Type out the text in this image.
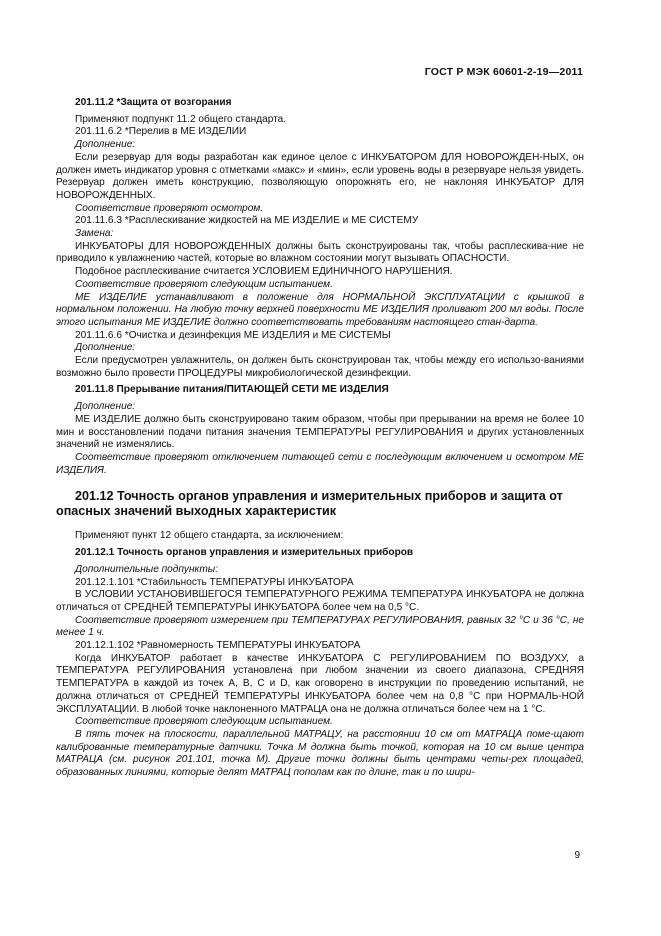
ГОСТ Р МЭК 60601-2-19—2011

201.11.2 *Защита от возгорания

Применяют подпункт 11.2 общего стандарта.

201.11.6.2 *Перелив в МЕ ИЗДЕЛИИ

Дополнение:

Если резервуар для воды разработан как единое целое с ИНКУБАТОРОМ ДЛЯ НОВОРОЖДЕН-НЫХ, он должен иметь индикатор уровня с отметками «макс» и «мин», если уровень воды в резервуаре нельзя увидеть. Резервуар должен иметь конструкцию, позволяющую опорожнять его, не наклоняя ИНКУБАТОР ДЛЯ НОВОРОЖДЕННЫХ.

Соответствие проверяют осмотром.

201.11.6.3 *Расплескивание жидкостей на МЕ ИЗДЕЛИЕ и МЕ СИСТЕМУ

Замена:

ИНКУБАТОРЫ ДЛЯ НОВОРОЖДЕННЫХ должны быть сконструированы так, чтобы расплескива-ние не приводило к увлажнению частей, которые во влажном состоянии могут вызывать ОПАСНОСТИ.

Подобное расплескивание считается УСЛОВИЕМ ЕДИНИЧНОГО НАРУШЕНИЯ.

Соответствие проверяют следующим испытанием.

МЕ ИЗДЕЛИЕ устанавливают в положение для НОРМАЛЬНОЙ ЭКСПЛУАТАЦИИ с крышкой в нормальном положении. На любую точку верхней поверхности МЕ ИЗДЕЛИЯ проливают 200 мл воды. После этого испытания МЕ ИЗДЕЛИЕ должно соответствовать требованиям настоящего стан-дарта.

201.11.6.6 *Очистка и дезинфекция МЕ ИЗДЕЛИЯ и МЕ СИСТЕМЫ

Дополнение:

Если предусмотрен увлажнитель, он должен быть сконструирован так, чтобы между его использо-ваниями возможно было провести ПРОЦЕДУРЫ микробиологической дезинфекции.

201.11.8 Прерывание питания/ПИТАЮЩЕЙ СЕТИ МЕ ИЗДЕЛИЯ

Дополнение:

МЕ ИЗДЕЛИЕ должно быть сконструировано таким образом, чтобы при прерывании на время не более 10 мин и восстановлении подачи питания значения ТЕМПЕРАТУРЫ РЕГУЛИРОВАНИЯ и других установленных значений не изменялись.

Соответствие проверяют отключением питающей сети с последующим включением и осмотром МЕ ИЗДЕЛИЯ.

201.12 Точность органов управления и измерительных приборов и защита от опасных значений выходных характеристик

Применяют пункт 12 общего стандарта, за исключением:

201.12.1 Точность органов управления и измерительных приборов

Дополнительные подпункты:

201.12.1.101 *Стабильность ТЕМПЕРАТУРЫ ИНКУБАТОРА

В УСЛОВИИ УСТАНОВИВШЕГОСЯ ТЕМПЕРАТУРНОГО РЕЖИМА ТЕМПЕРАТУРА ИНКУБАТОРА не должна отличаться от СРЕДНЕЙ ТЕМПЕРАТУРЫ ИНКУБАТОРА более чем на 0,5 °C.

Соответствие проверяют измерением при ТЕМПЕРАТУРАХ РЕГУЛИРОВАНИЯ, равных 32 °C и 36 °C, не менее 1 ч.

201.12.1.102 *Равномерность ТЕМПЕРАТУРЫ ИНКУБАТОРА

Когда ИНКУБАТОР работает в качестве ИНКУБАТОРА С РЕГУЛИРОВАНИЕМ ПО ВОЗДУХУ, а ТЕМПЕРАТУРА РЕГУЛИРОВАНИЯ установлена при любом значении из своего диапазона, СРЕДНЯЯ ТЕМПЕРАТУРА в каждой из точек A, B, C и D, как оговорено в инструкции по проведению испытаний, не должна отличаться от СРЕДНЕЙ ТЕМПЕРАТУРЫ ИНКУБАТОРА более чем на 0,8 °C при НОРМАЛЬ-НОЙ ЭКСПЛУАТАЦИИ. В любой точке наклоненного МАТРАЦА она не должна отличаться более чем на 1 °C.

Соответствие проверяют следующим испытанием.

В пять точек на плоскости, параллельной МАТРАЦУ, на расстоянии 10 см от МАТРАЦА поме-щают калиброванные температурные датчики. Точка M должна быть точкой, которая на 10 см выше центра МАТРАЦА (см. рисунок 201.101, точка M). Другие точки должны быть центрами четы-рех площадей, образованных линиями, которые делят МАТРАЦ пополам как по длине, так и по шири-

9
